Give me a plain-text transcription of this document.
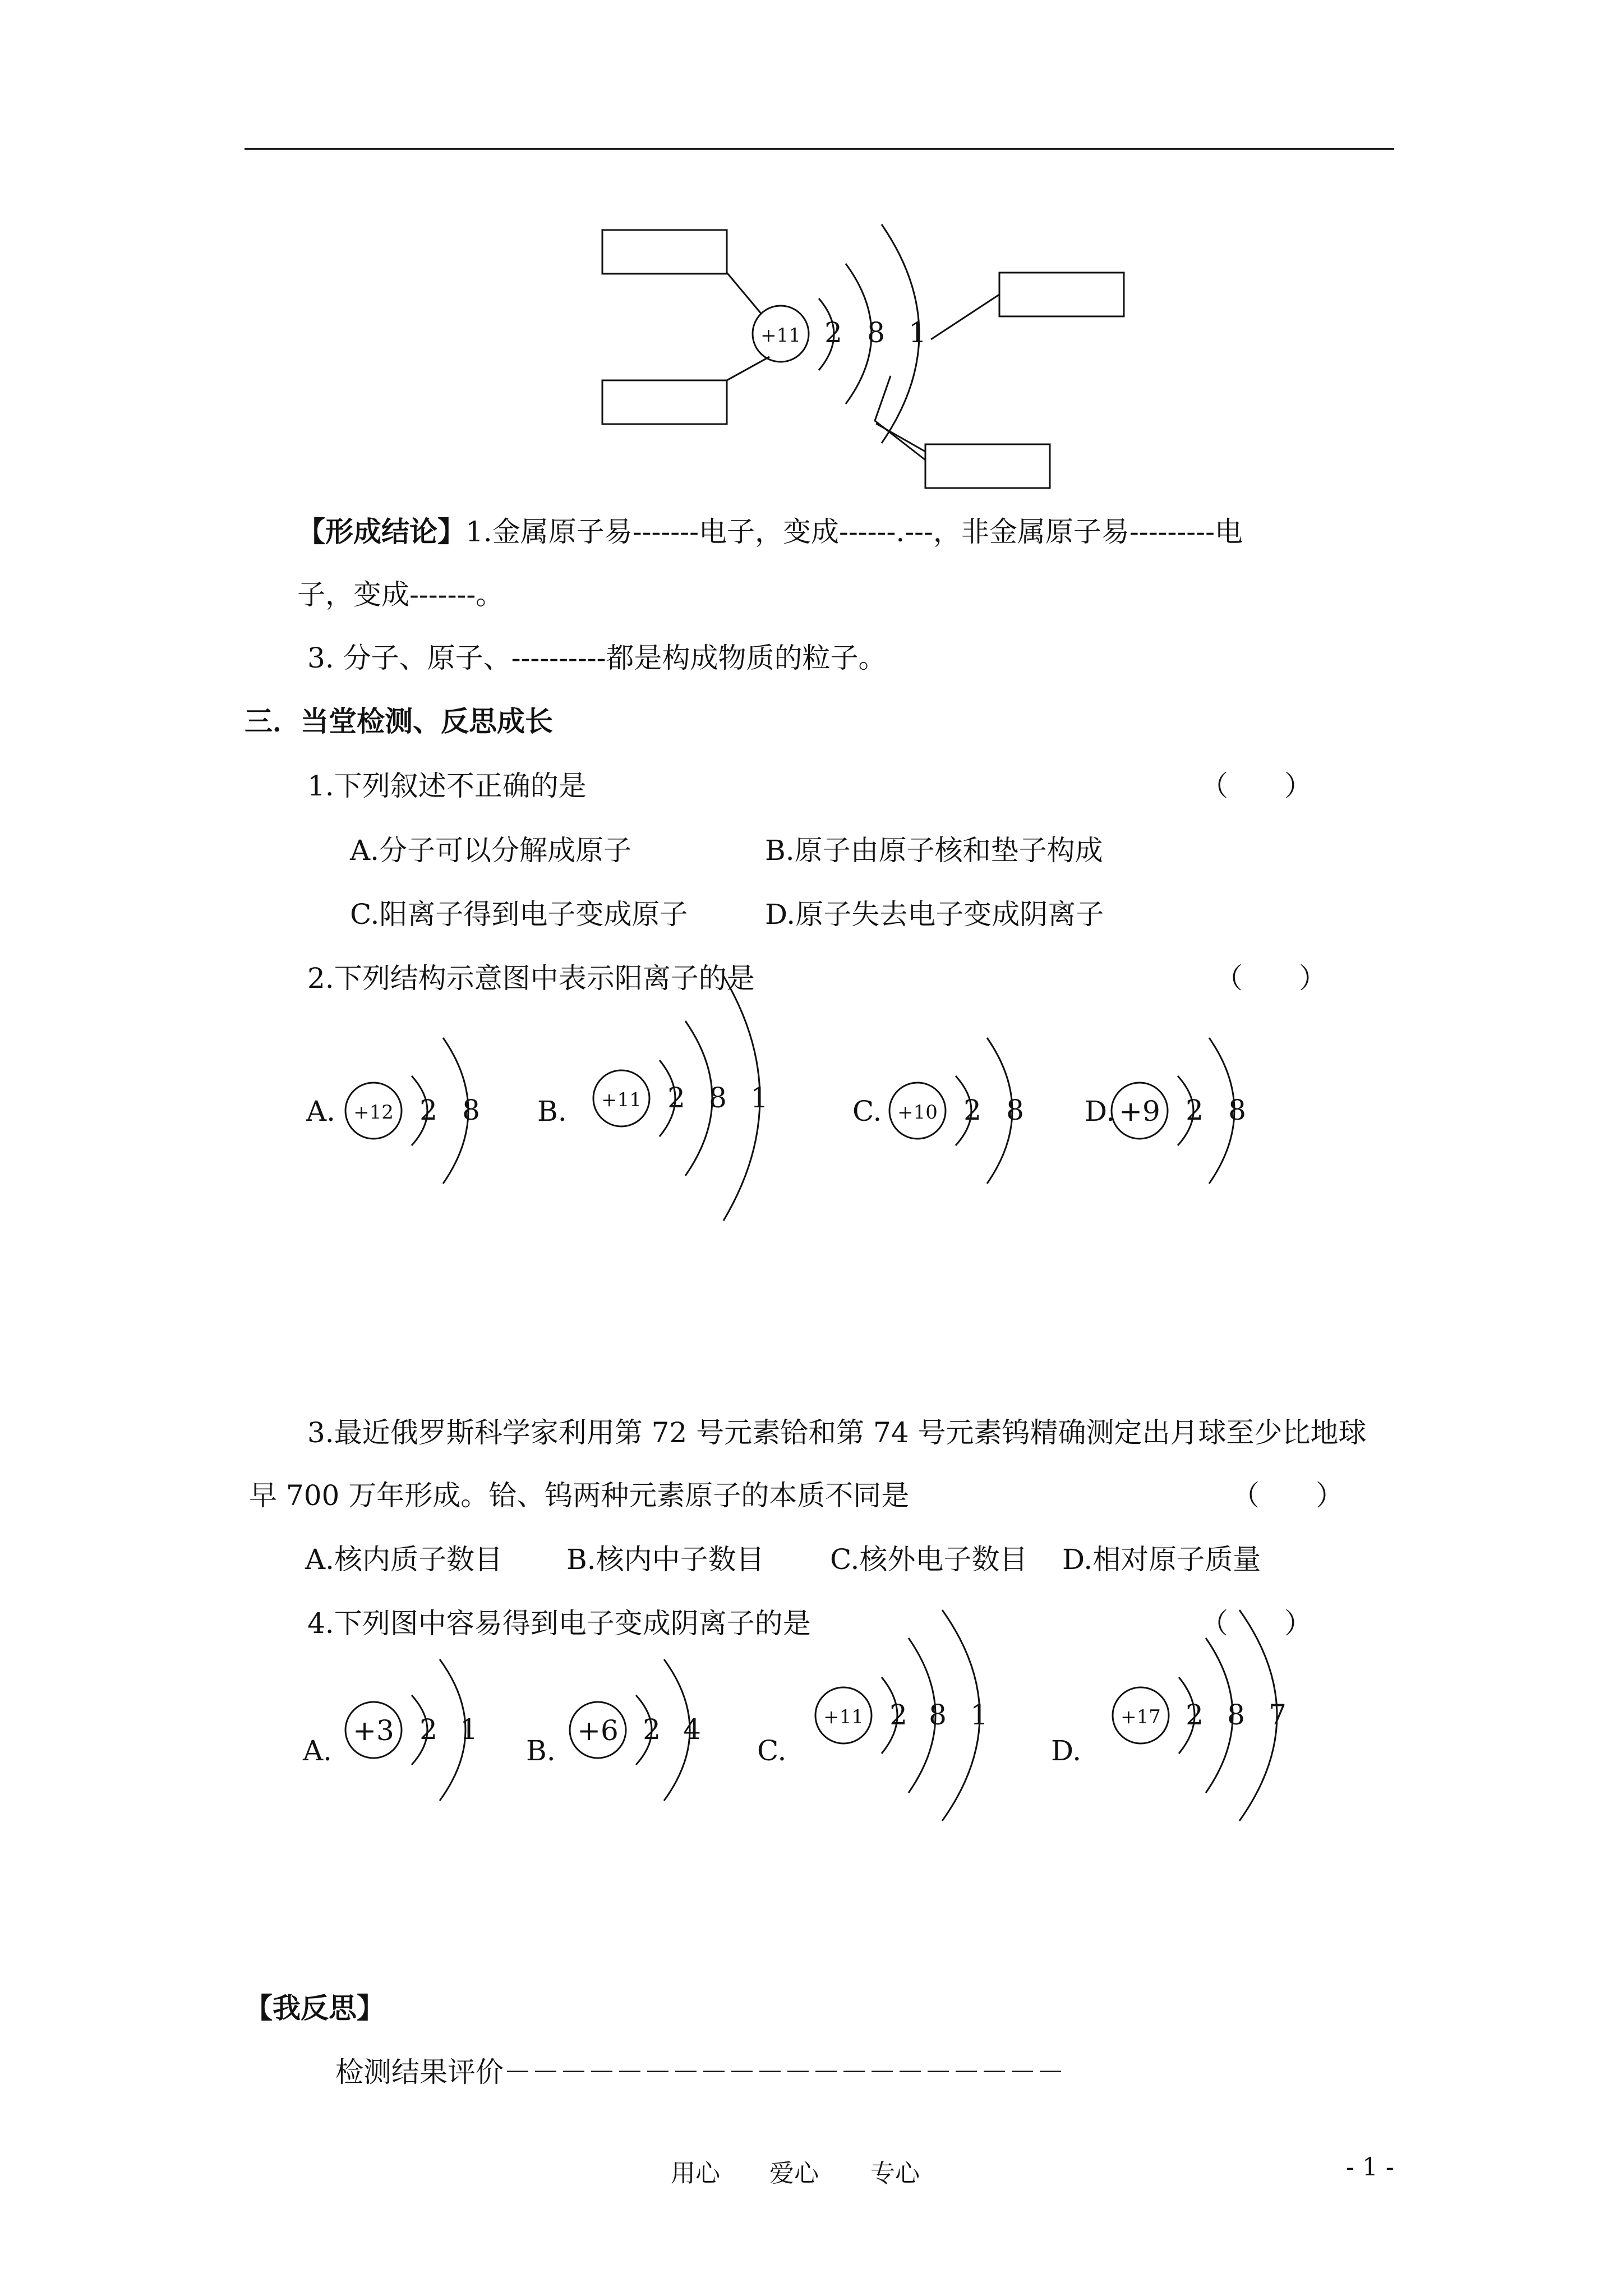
+11 2 8 1
【形成结论】1.金属原子易-------电子，变成------.---，非金属原子易---------电
子，变成-------。
3. 分子、原子、----------都是构成物质的粒子。
三．当堂检测、反思成长
1.下列叙述不正确的是	（　　）
A.分子可以分解成原子	B.原子由原子核和垫子构成
C.阳离子得到电子变成原子	D.原子失去电子变成阴离子
2.下列结构示意图中表示阳离子的是	（　　）
A. +12 2 8 B. +11 2 8 1	C. +10 2 8 D. +9 2 8
3.最近俄罗斯科学家利用第 72 号元素铪和第 74 号元素钨精确测定出月球至少比地球
早 700 万年形成。铪、钨两种元素原子的本质不同是	（　　）
A.核内质子数目 B.核内中子数目 C.核外电子数目 D.相对原子质量
4.下列图中容易得到电子变成阴离子的是	（　　）
A.
+3 2 1
B.
+6 2 4
C.
+11 2 8 1
D.
+17 2 8 7
【我反思】
检测结果评价－－－－－－－－－－－－－－－－－－－－
用心 爱心 专心	- 1 -
